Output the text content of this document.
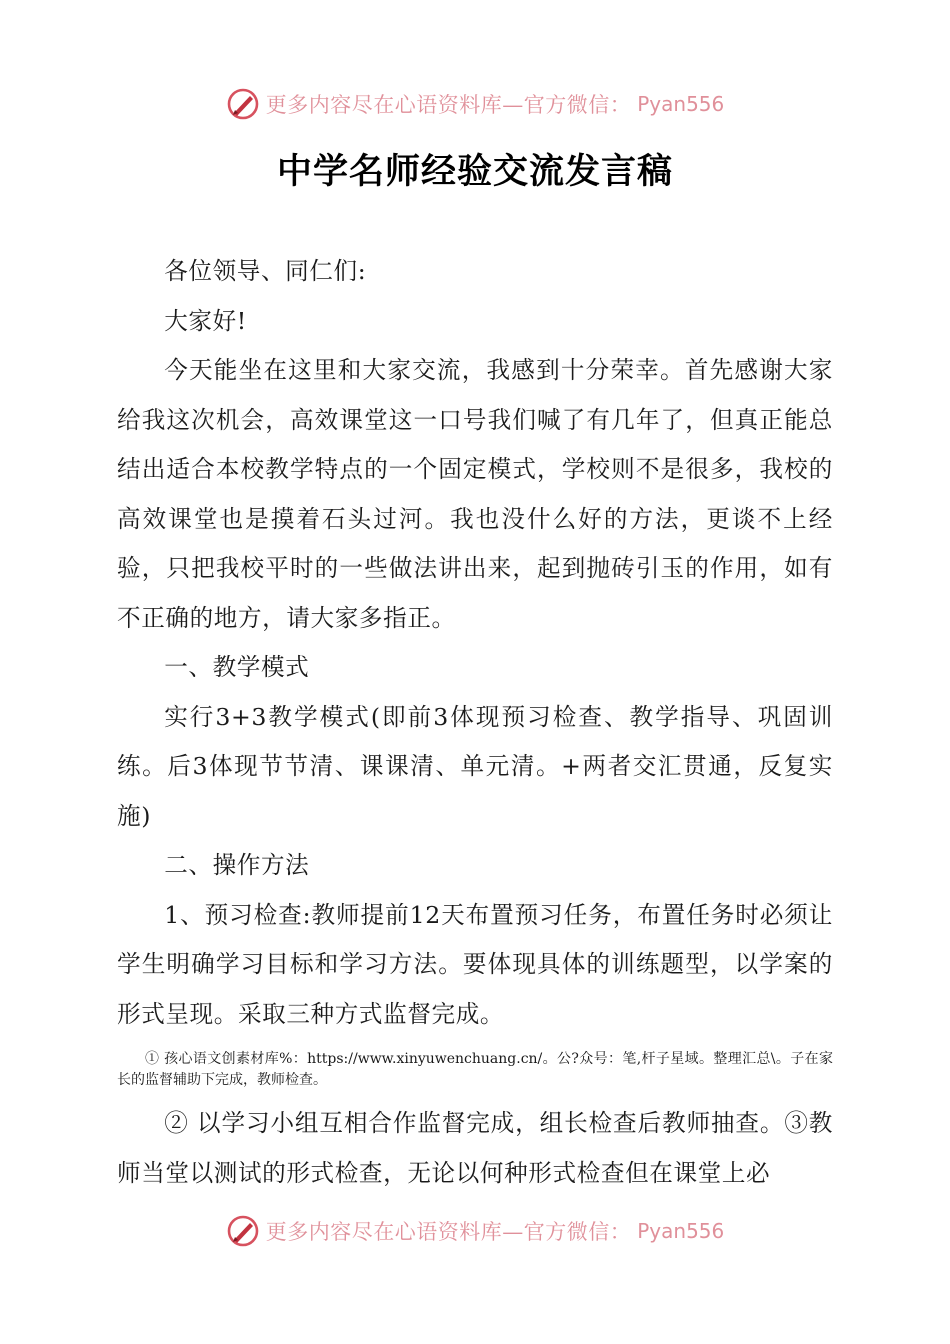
更多内容尽在心语资料库—官方微信： Pyan556
中学名师经验交流发言稿

各位领导、同仁们:

大家好!

今天能坐在这里和大家交流，我感到十分荣幸。首先感谢大家给我这次机会，高效课堂这一口号我们喊了有几年了，但真正能总结出适合本校教学特点的一个固定模式，学校则不是很多，我校的高效课堂也是摸着石头过河。我也没什么好的方法，更谈不上经验，只把我校平时的一些做法讲出来，起到抛砖引玉的作用，如有不正确的地方，请大家多指正。

一、教学模式

实行3+3教学模式(即前3体现预习检查、教学指导、巩固训练。后3体现节节清、课课清、单元清。+两者交汇贯通，反复实施)

二、操作方法

1、预习检查:教师提前12天布置预习任务，布置任务时必须让学生明确学习目标和学习方法。要体现具体的训练题型，以学案的形式呈现。采取三种方式监督完成。

① 孩心语文创素材库%：https://www.xinyuwenchuang.cn/。公?众号：笔,杆子星域。整理汇总\。子在家长的监督辅助下完成，教师检查。

② 以学习小组互相合作监督完成，组长检查后教师抽查。③教师当堂以测试的形式检查，无论以何种形式检查但在课堂上必

更多内容尽在心语资料库—官方微信： Pyan556
